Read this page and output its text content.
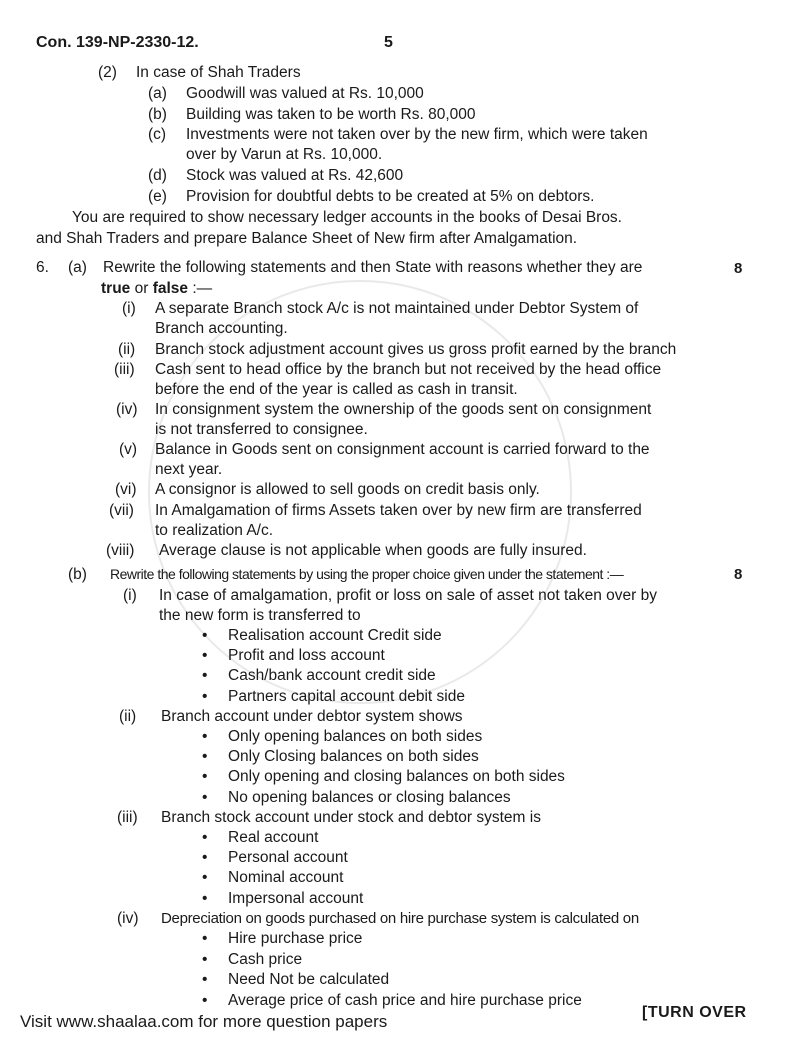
Con. 139-NP-2330-12.	5
(2) In case of Shah Traders
(a) Goodwill was valued at Rs. 10,000
(b) Building was taken to be worth Rs. 80,000
(c) Investments were not taken over by the new firm, which were taken
over by Varun at Rs. 10,000.
(d) Stock was valued at Rs. 42,600
(e) Provision for doubtful debts to be created at 5% on debtors.
You are required to show necessary ledger accounts in the books of Desai Bros.
and Shah Traders and prepare Balance Sheet of New firm after Amalgamation.
6. (a) Rewrite the following statements and then State with reasons whether they are	8
true or false :—
(i) A separate Branch stock A/c is not maintained under Debtor System of
Branch accounting.
(ii) Branch stock adjustment account gives us gross profit earned by the branch
(iii) Cash sent to head office by the branch but not received by the head office
before the end of the year is called as cash in transit.
(iv) In consignment system the ownership of the goods sent on consignment
is not transferred to consignee.
(v) Balance in Goods sent on consignment account is carried forward to the
next year.
(vi) A consignor is allowed to sell goods on credit basis only.
(vii) In Amalgamation of firms Assets taken over by new firm are transferred
to realization A/c.
(viii) Average clause is not applicable when goods are fully insured.
(b) Rewrite the following statements by using the proper choice given under the statement :—	8
(i) In case of amalgamation, profit or loss on sale of asset not taken over by
the new form is transferred to
• Realisation account Credit side
• Profit and loss account
• Cash/bank account credit side
• Partners capital account debit side
(ii) Branch account under debtor system shows
• Only opening balances on both sides
• Only Closing balances on both sides
• Only opening and closing balances on both sides
• No opening balances or closing balances
(iii) Branch stock account under stock and debtor system is
• Real account
• Personal account
• Nominal account
• Impersonal account
(iv) Depreciation on goods purchased on hire purchase system is calculated on
• Hire purchase price
• Cash price
• Need Not be calculated
• Average price of cash price and hire purchase price
Visit www.shaalaa.com for more question papers	[TURN OVER
